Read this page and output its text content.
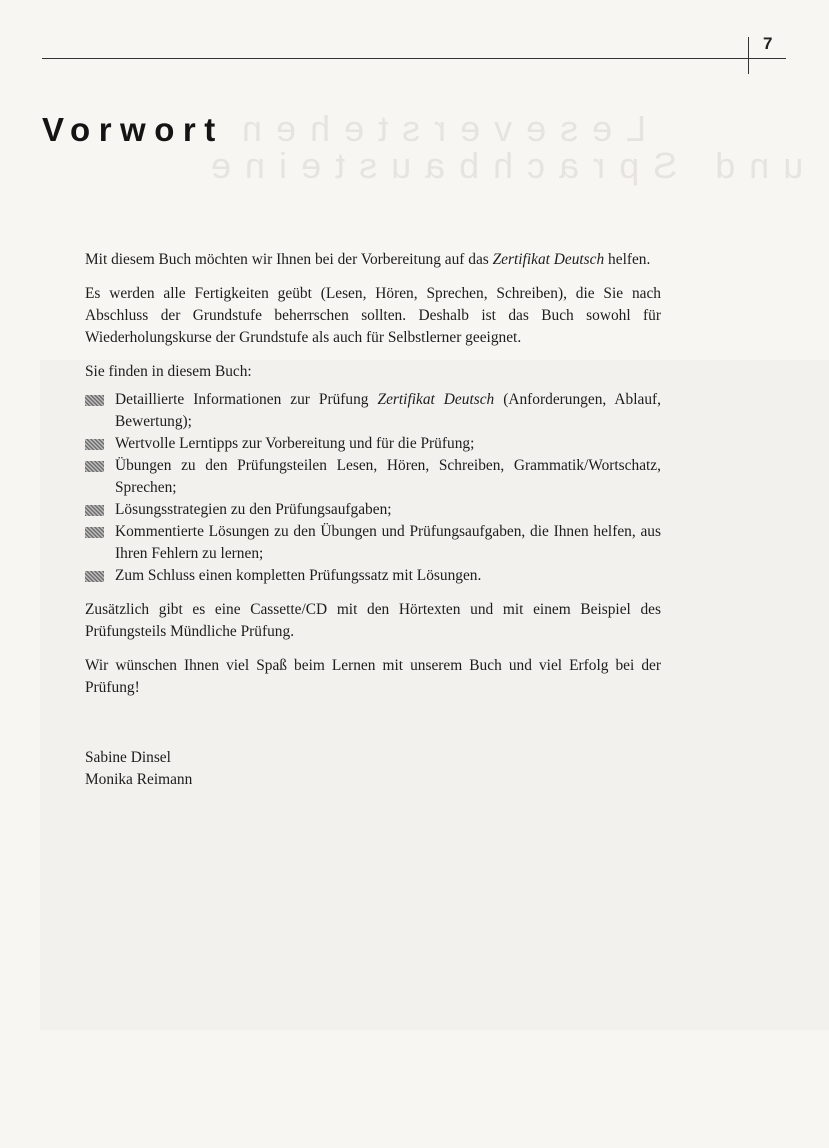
7
Leseverstehen
und Sprachbausteine
Vorwort

Mit diesem Buch möchten wir Ihnen bei der Vorbereitung auf das Zertifikat Deutsch helfen.

Es werden alle Fertigkeiten geübt (Lesen, Hören, Sprechen, Schreiben), die Sie nach Abschluss der Grundstufe beherrschen sollten. Deshalb ist das Buch sowohl für Wiederholungskurse der Grundstufe als auch für Selbstlerner geeignet.

Sie finden in diesem Buch:

Detaillierte Informationen zur Prüfung Zertifikat Deutsch (Anforderungen, Ablauf, Bewertung);
Wertvolle Lerntipps zur Vorbereitung und für die Prüfung;
Übungen zu den Prüfungsteilen Lesen, Hören, Schreiben, Grammatik/Wortschatz, Sprechen;
Lösungsstrategien zu den Prüfungsaufgaben;
Kommentierte Lösungen zu den Übungen und Prüfungsaufgaben, die Ihnen helfen, aus Ihren Fehlern zu lernen;
Zum Schluss einen kompletten Prüfungssatz mit Lösungen.

Zusätzlich gibt es eine Cassette/CD mit den Hörtexten und mit einem Beispiel des Prüfungsteils Mündliche Prüfung.

Wir wünschen Ihnen viel Spaß beim Lernen mit unserem Buch und viel Erfolg bei der Prüfung!

Sabine Dinsel
Monika Reimann
